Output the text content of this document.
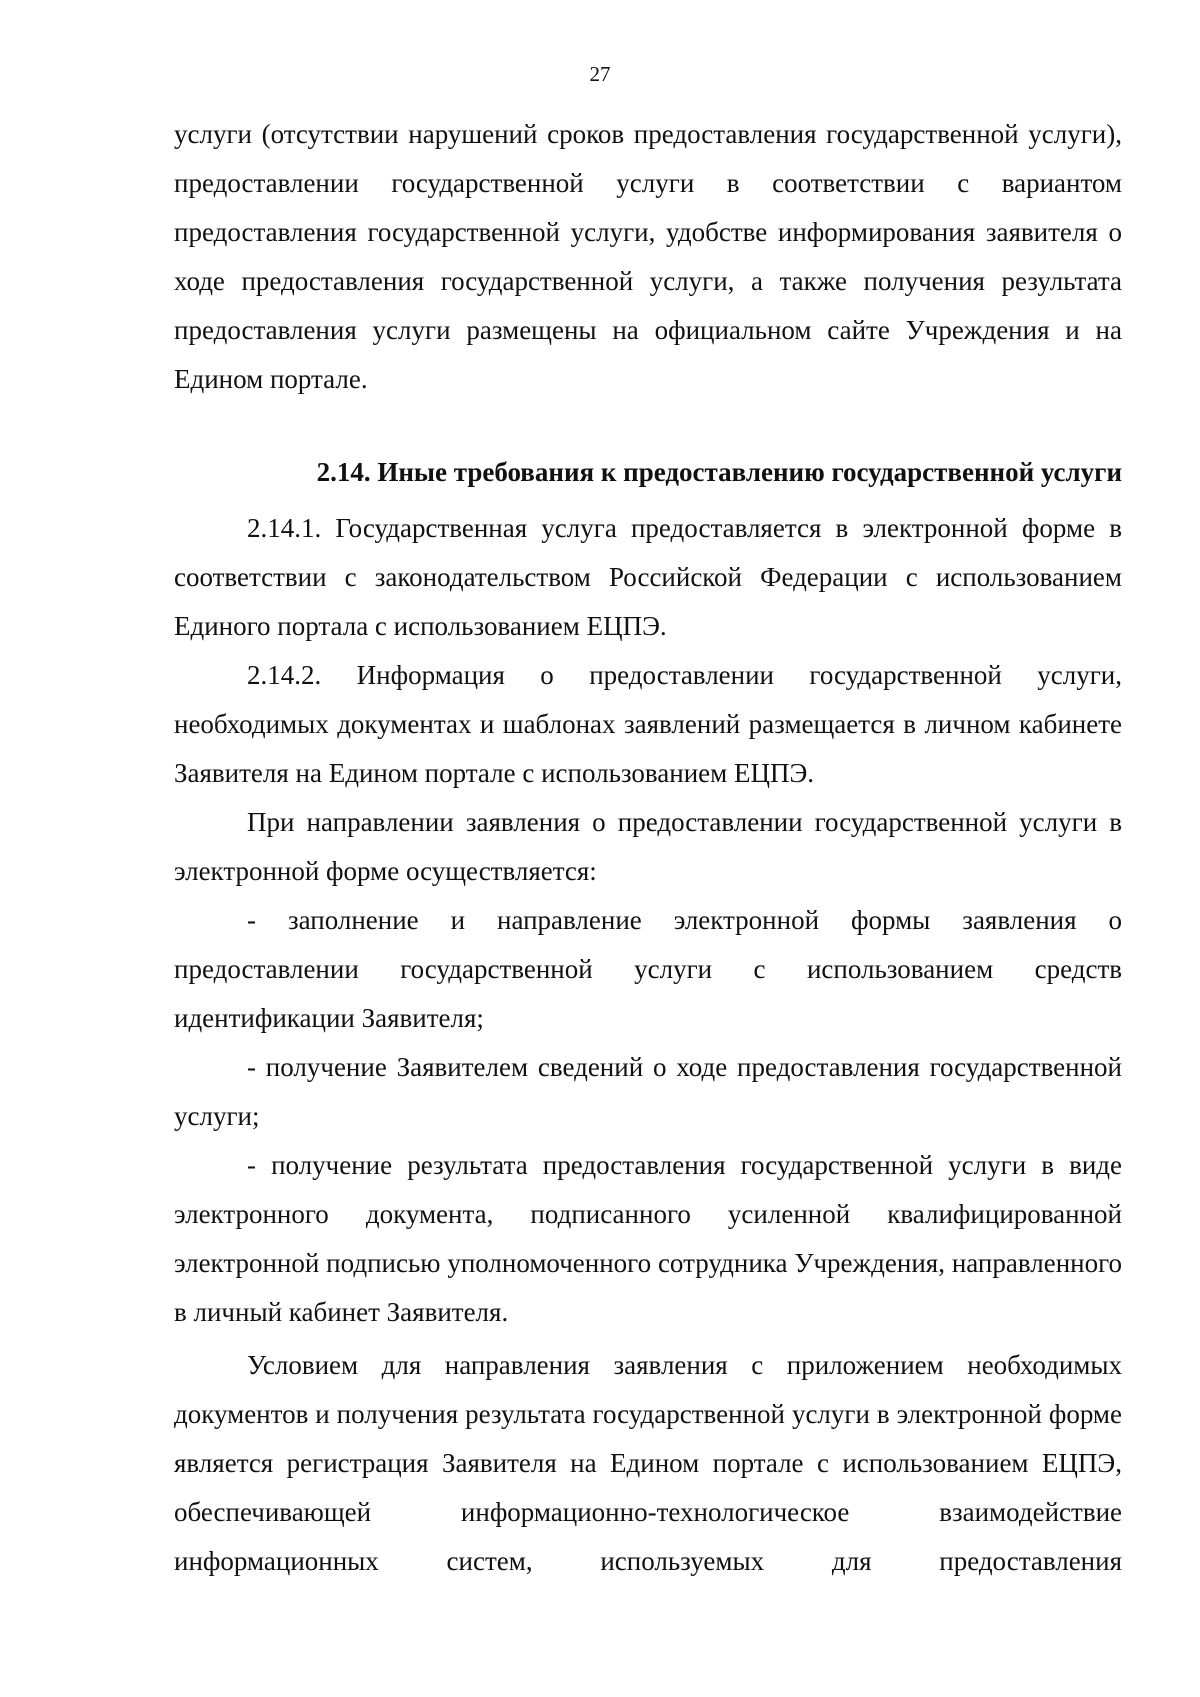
27

услуги (отсутствии нарушений сроков предоставления государственной услуги), предоставлении государственной услуги в соответствии с вариантом предоставления государственной услуги, удобстве информирования заявителя о ходе предоставления государственной услуги, а также получения результата предоставления услуги размещены на официальном сайте Учреждения и на Едином портале.

2.14. Иные требования к предоставлению государственной услуги

2.14.1. Государственная услуга предоставляется в электронной форме в соответствии с законодательством Российской Федерации с использованием Единого портала с использованием ЕЦПЭ.

2.14.2. Информация о предоставлении государственной услуги, необходимых документах и шаблонах заявлений размещается в личном кабинете Заявителя на Едином портале с использованием ЕЦПЭ.

При направлении заявления о предоставлении государственной услуги в электронной форме осуществляется:

- заполнение и направление электронной формы заявления о предоставлении государственной услуги с использованием средств идентификации Заявителя;

- получение Заявителем сведений о ходе предоставления государственной услуги;

- получение результата предоставления государственной услуги в виде электронного документа, подписанного усиленной квалифицированной электронной подписью уполномоченного сотрудника Учреждения, направленного в личный кабинет Заявителя.

Условием для направления заявления с приложением необходимых документов и получения результата государственной услуги в электронной форме является регистрация Заявителя на Едином портале с использованием ЕЦПЭ, обеспечивающей информационно-технологическое взаимодействие информационных систем, используемых для предоставления
